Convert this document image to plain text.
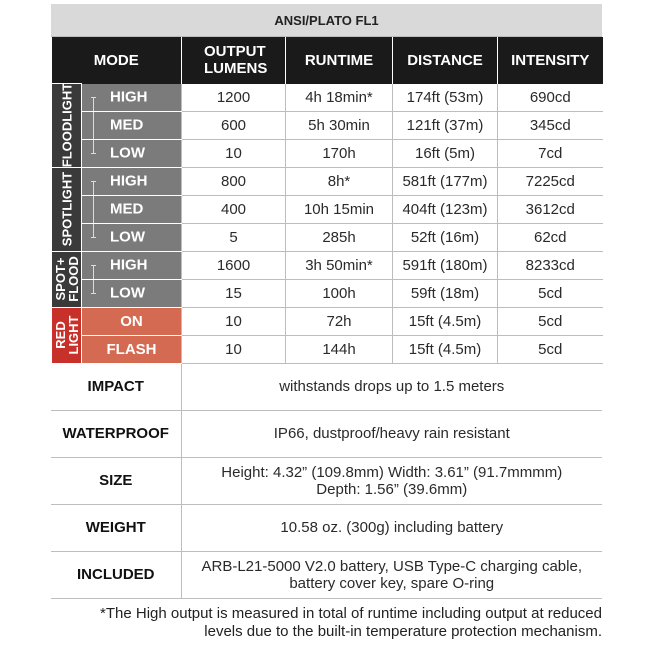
ANSI/PLATO FL1
MODE		OUTPUT LUMENS	RUNTIME	DISTANCE	INTENSITY

FLOODLIGHT	HIGH	1200	4h 18min*	174ft (53m)	690cd

	MED	600	5h 30min	121ft (37m)	345cd

	LOW	10	170h	16ft (5m)	7cd

SPOTLIGHT	HIGH	800	8h*	581ft (177m)	7225cd

	MED	400	10h 15min	404ft (123m)	3612cd

	LOW	5	285h	52ft (16m)	62cd

SPOT+
FLOOD	HIGH	1600	3h 50min*	591ft (180m)	8233cd

	LOW	15	100h	59ft (18m)	5cd

RED
LIGHT	ON	10	72h	15ft (4.5m)	5cd
	FLASH	10	144h	15ft (4.5m)	5cd
IMPACT	withstands drops up to 1.5 meters
WATERPROOF	IP66, dustproof/heavy rain resistant
SIZE	Height: 4.32” (109.8mm) Width: 3.61” (91.7mmmm)
Depth: 1.56” (39.6mm)
WEIGHT	10.58 oz. (300g) including battery
INCLUDED	ARB-L21-5000 V2.0 battery, USB Type-C charging cable,
battery cover key, spare O-ring
*The High output is measured in total of runtime including output at reduced
levels due to the built-in temperature protection mechanism.
